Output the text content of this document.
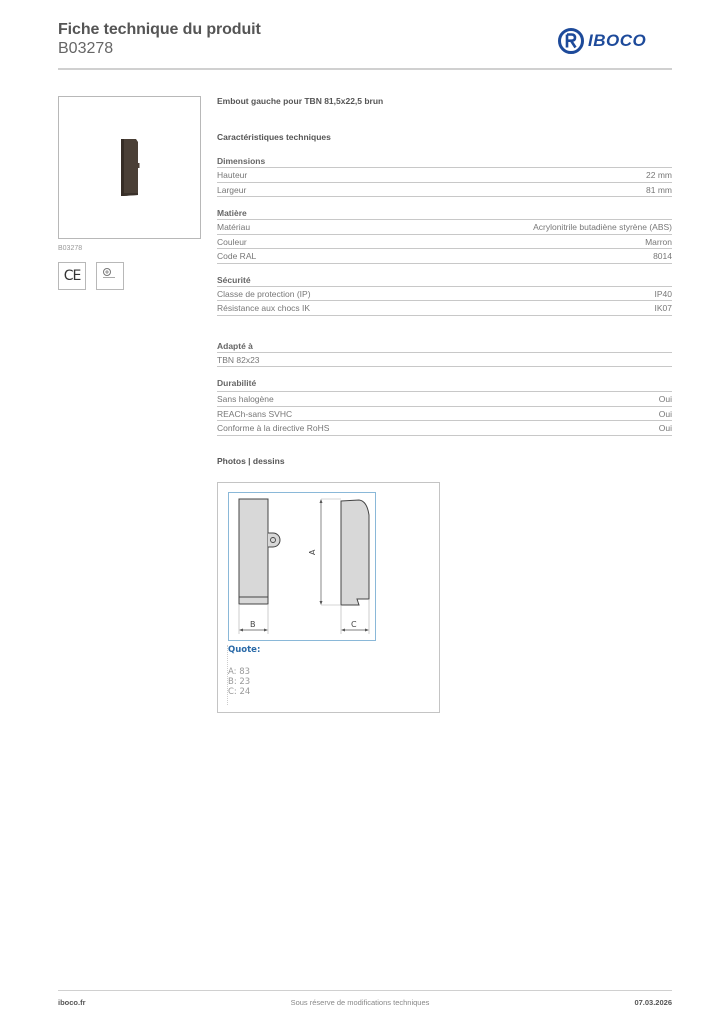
Fiche technique du produit
B03278	IBOCO
B03278
CE
Embout gauche pour TBN 81,5x22,5 brun
Caractéristiques techniques
Dimensions
Hauteur	22 mm
Largeur	81 mm
Matière
Matériau	Acrylonitrile butadiène styrène (ABS)
Couleur	Marron
Code RAL	8014
Sécurité
Classe de protection (IP)	IP40
Résistance aux chocs IK	IK07
Adapté à
TBN 82x23
Durabilité
Sans halogène	Oui
REACh-sans SVHC	Oui
Conforme à la directive RoHS	Oui
Photos | dessins
B
A
C
Quote:
A: 83
B: 23
C: 24
iboco.fr	Sous réserve de modifications techniques	07.03.2026
